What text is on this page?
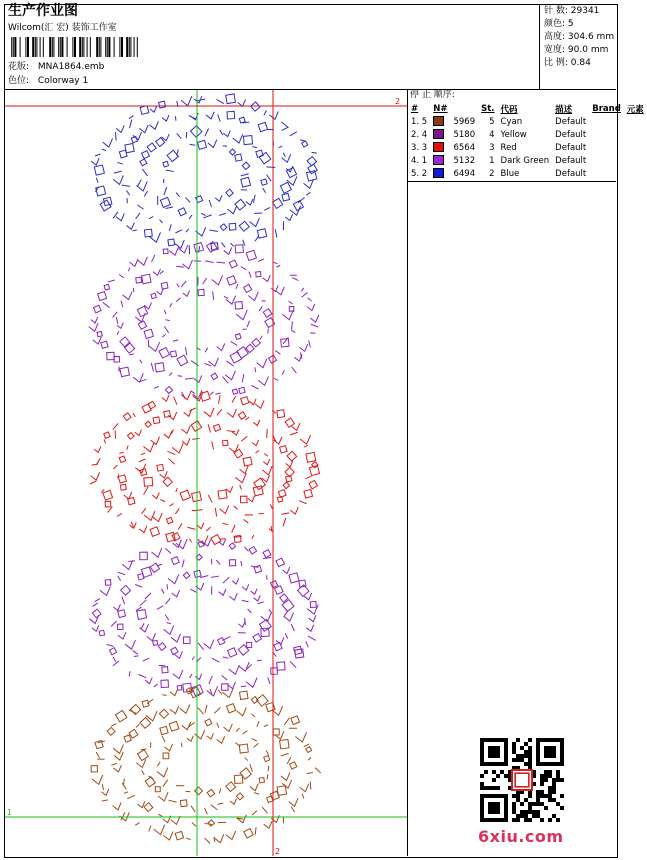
生产作业图
Wilcom(汇 宏) 装饰工作室
花版: MNA1864.emb
色位: Colorway 1
针 数: 29341
颜色: 5
高度: 304.6 mm
宽度: 90.0 mm
比 例: 0.84
停 止 顺序:
#	N#		St.	代码	描述	Brand	元素
1. 5		5969	5	Cyan	Default		
2. 4		5180	4	Yellow	Default		
3. 3		6564	3	Red	Default		
4. 1		5132	1	Dark Green	Default		
5. 2		6494	2	Blue	Default		
2
1
2
6xiu.com
